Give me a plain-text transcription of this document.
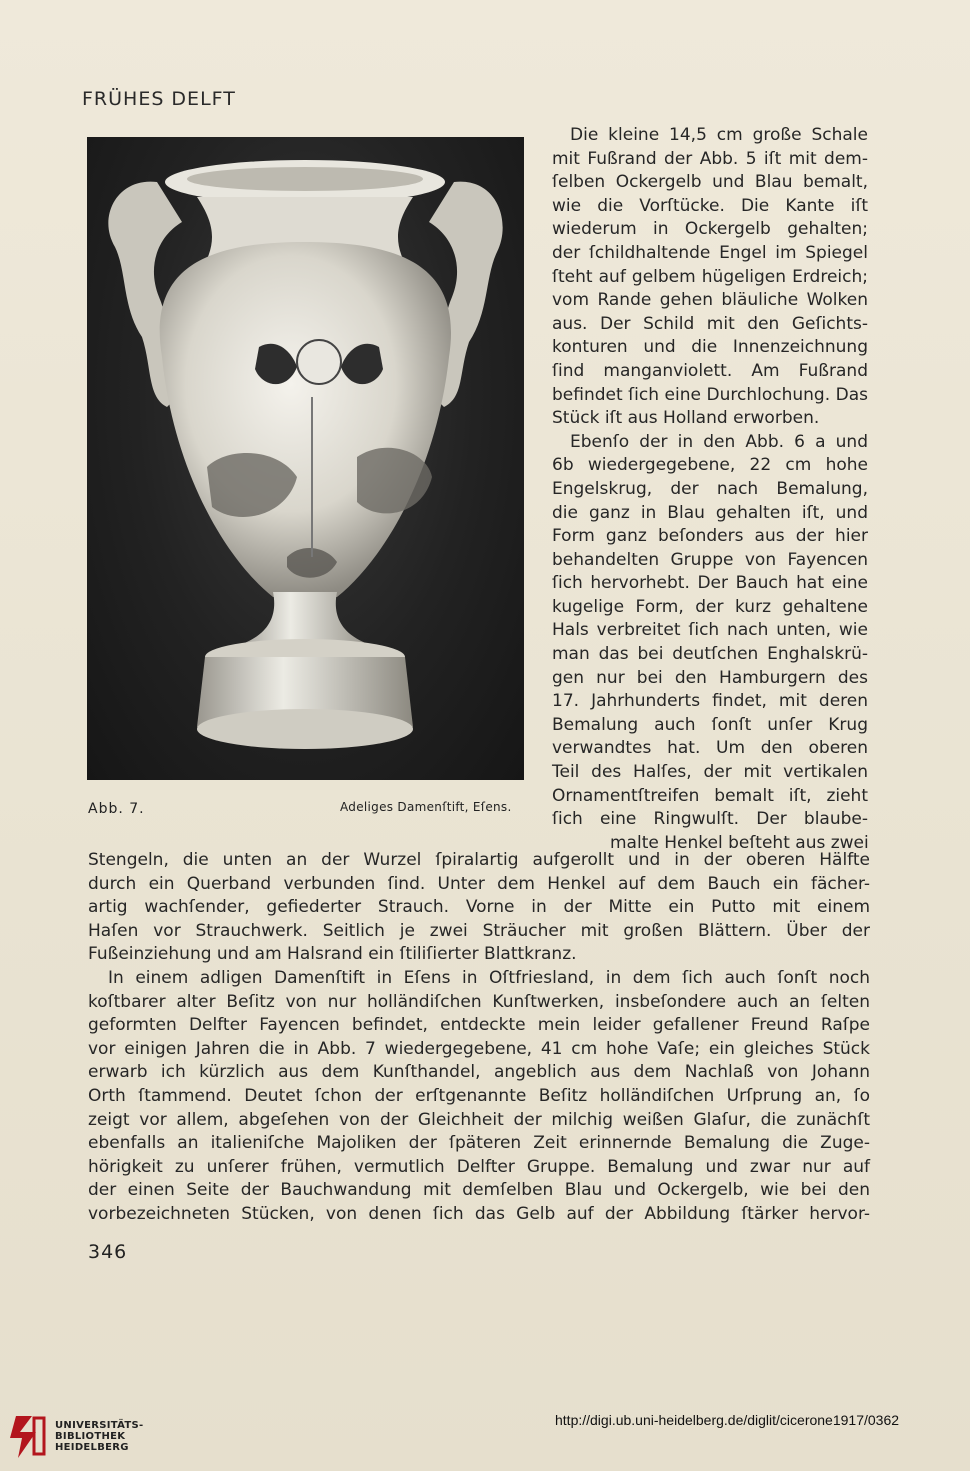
FRÜHES DELFT
Abb. 7.	Adeliges Damenſtift, Eſens.
Die kleine 14,5 cm große Schale
mit Fußrand der Abb. 5 iſt mit dem-
ſelben Ockergelb und Blau bemalt,
wie die Vorſtücke. Die Kante iſt
wiederum in Ockergelb gehalten;
der ſchildhaltende Engel im Spiegel
ſteht auf gelbem hügeligen Erdreich;
vom Rande gehen bläuliche Wolken
aus. Der Schild mit den Geſichts-
konturen und die Innenzeichnung
ſind manganviolett. Am Fußrand
befindet ſich eine Durchlochung. Das
Stück iſt aus Holland erworben.
Ebenſo der in den Abb. 6 a und
6b wiedergegebene, 22 cm hohe
Engelskrug, der nach Bemalung,
die ganz in Blau gehalten iſt, und
Form ganz beſonders aus der hier
behandelten Gruppe von Fayencen
ſich hervorhebt. Der Bauch hat eine
kugelige Form, der kurz gehaltene
Hals verbreitet ſich nach unten, wie
man das bei deutſchen Enghalskrü-
gen nur bei den Hamburgern des
17. Jahrhunderts findet, mit deren
Bemalung auch ſonſt unſer Krug
verwandtes hat. Um den oberen
Teil des Halſes, der mit vertikalen
Ornamentſtreifen bemalt iſt, zieht
ſich eine Ringwulſt. Der blaube-
malte Henkel beſteht aus zwei
Stengeln, die unten an der Wurzel ſpiralartig aufgerollt und in der oberen Hälfte
durch ein Querband verbunden ſind. Unter dem Henkel auf dem Bauch ein fächer-
artig wachſender, gefiederter Strauch. Vorne in der Mitte ein Putto mit einem
Haſen vor Strauchwerk. Seitlich je zwei Sträucher mit großen Blättern. Über der
Fußeinziehung und am Halsrand ein ſtiliſierter Blattkranz.
In einem adligen Damenſtift in Eſens in Oſtfriesland, in dem ſich auch ſonſt noch
koſtbarer alter Beſitz von nur holländiſchen Kunſtwerken, insbeſondere auch an ſelten
geformten Delfter Fayencen befindet, entdeckte mein leider gefallener Freund Raſpe
vor einigen Jahren die in Abb. 7 wiedergegebene, 41 cm hohe Vaſe; ein gleiches Stück
erwarb ich kürzlich aus dem Kunſthandel, angeblich aus dem Nachlaß von Johann
Orth ſtammend. Deutet ſchon der erſtgenannte Beſitz holländiſchen Urſprung an, ſo
zeigt vor allem, abgeſehen von der Gleichheit der milchig weißen Glaſur, die zunächſt
ebenfalls an italieniſche Majoliken der ſpäteren Zeit erinnernde Bemalung die Zuge-
hörigkeit zu unſerer frühen, vermutlich Delfter Gruppe. Bemalung und zwar nur auf
der einen Seite der Bauchwandung mit demſelben Blau und Ockergelb, wie bei den
vorbezeichneten Stücken, von denen ſich das Gelb auf der Abbildung ſtärker hervor-
346
UNIVERSITÄTS-
BIBLIOTHEK
HEIDELBERG
http://digi.ub.uni-heidelberg.de/diglit/cicerone1917/0362
